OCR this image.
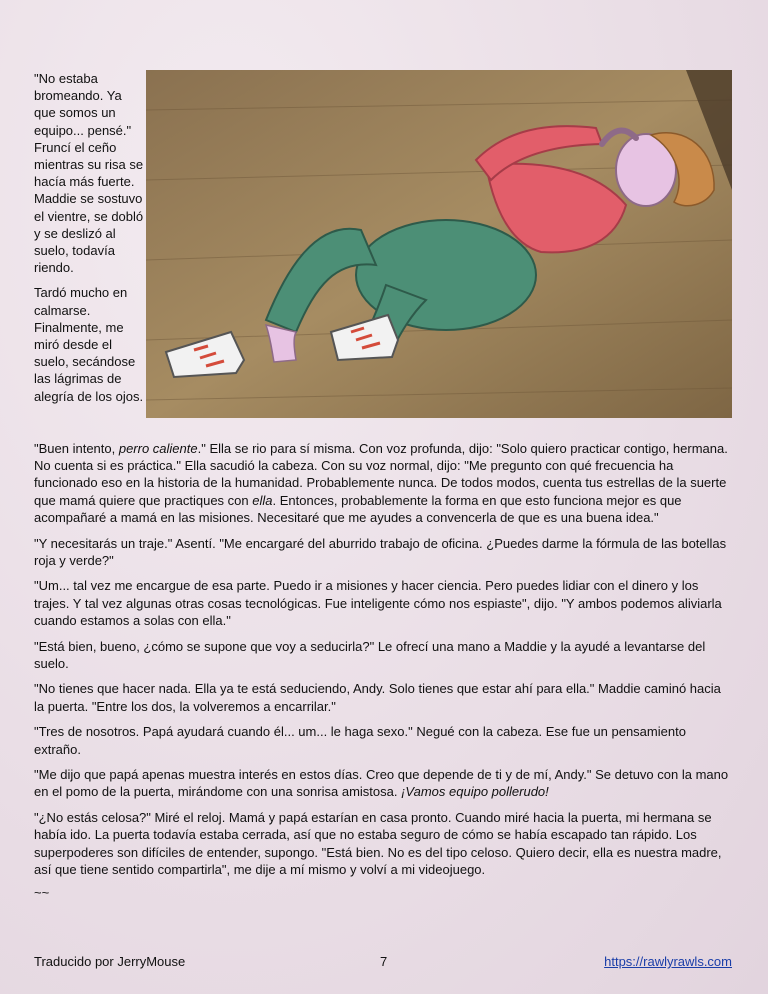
"No estaba bromeando. Ya que somos un equipo... pensé." Fruncí el ceño mientras su risa se hacía más fuerte. Maddie se sostuvo el vientre, se dobló y se deslizó al suelo, todavía riendo.

Tardó mucho en calmarse. Finalmente, me miró desde el suelo, secándose las lágrimas de alegría de los ojos.

"Buen intento, perro caliente." Ella se rio para sí misma. Con voz profunda, dijo: "Solo quiero practicar contigo, hermana. No cuenta si es práctica." Ella sacudió la cabeza. Con su voz normal, dijo: "Me pregunto con qué frecuencia ha funcionado eso en la historia de la humanidad. Probablemente nunca. De todos modos, cuenta tus estrellas de la suerte que mamá quiere que practiques con ella. Entonces, probablemente la forma en que esto funciona mejor es que acompañaré a mamá en las misiones. Necesitaré que me ayudes a convencerla de que es una buena idea."

"Y necesitarás un traje." Asentí. "Me encargaré del aburrido trabajo de oficina. ¿Puedes darme la fórmula de las botellas roja y verde?"

"Um... tal vez me encargue de esa parte. Puedo ir a misiones y hacer ciencia. Pero puedes lidiar con el dinero y los trajes. Y tal vez algunas otras cosas tecnológicas. Fue inteligente cómo nos espiaste", dijo. "Y ambos podemos aliviarla cuando estamos a solas con ella."

"Está bien, bueno, ¿cómo se supone que voy a seducirla?" Le ofrecí una mano a Maddie y la ayudé a levantarse del suelo.

"No tienes que hacer nada. Ella ya te está seduciendo, Andy. Solo tienes que estar ahí para ella." Maddie caminó hacia la puerta. "Entre los dos, la volveremos a encarrilar."

"Tres de nosotros. Papá ayudará cuando él... um... le haga sexo." Negué con la cabeza. Ese fue un pensamiento extraño.

"Me dijo que papá apenas muestra interés en estos días. Creo que depende de ti y de mí, Andy." Se detuvo con la mano en el pomo de la puerta, mirándome con una sonrisa amistosa. ¡Vamos equipo pollerudo!

"¿No estás celosa?" Miré el reloj. Mamá y papá estarían en casa pronto. Cuando miré hacia la puerta, mi hermana se había ido. La puerta todavía estaba cerrada, así que no estaba seguro de cómo se había escapado tan rápido. Los superpoderes son difíciles de entender, supongo. "Está bien. No es del tipo celoso. Quiero decir, ella es nuestra madre, así que tiene sentido compartirla", me dije a mí mismo y volví a mi videojuego.

~~
Traducido por JerryMouse	7	https://rawlyrawls.com
